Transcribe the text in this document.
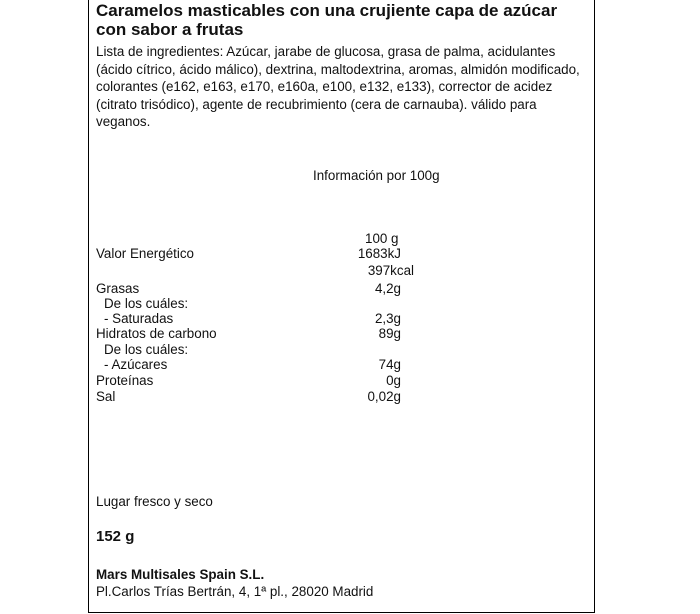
Caramelos masticables con una crujiente capa de azúcar con sabor a frutas

Lista de ingredientes: Azúcar, jarabe de glucosa, grasa de palma, acidulantes (ácido cítrico, ácido málico), dextrina, maltodextrina, aromas, almidón modificado, colorantes (e162, e163, e170, e160a, e100, e132, e133), corrector de acidez (citrato trisódico), agente de recubrimiento (cera de carnauba). válido para veganos.

Información por 100g
100 g
Valor Energético	1683kJ
397kcal
Grasas	4,2g
De los cuáles:
- Saturadas	2,3g
Hidratos de carbono	89g
De los cuáles:
- Azúcares	74g
Proteínas	0g
Sal	0,02g
Lugar fresco y seco
152 g
Mars Multisales Spain S.L.
Pl.Carlos Trías Bertrán, 4, 1ª pl., 28020 Madrid
